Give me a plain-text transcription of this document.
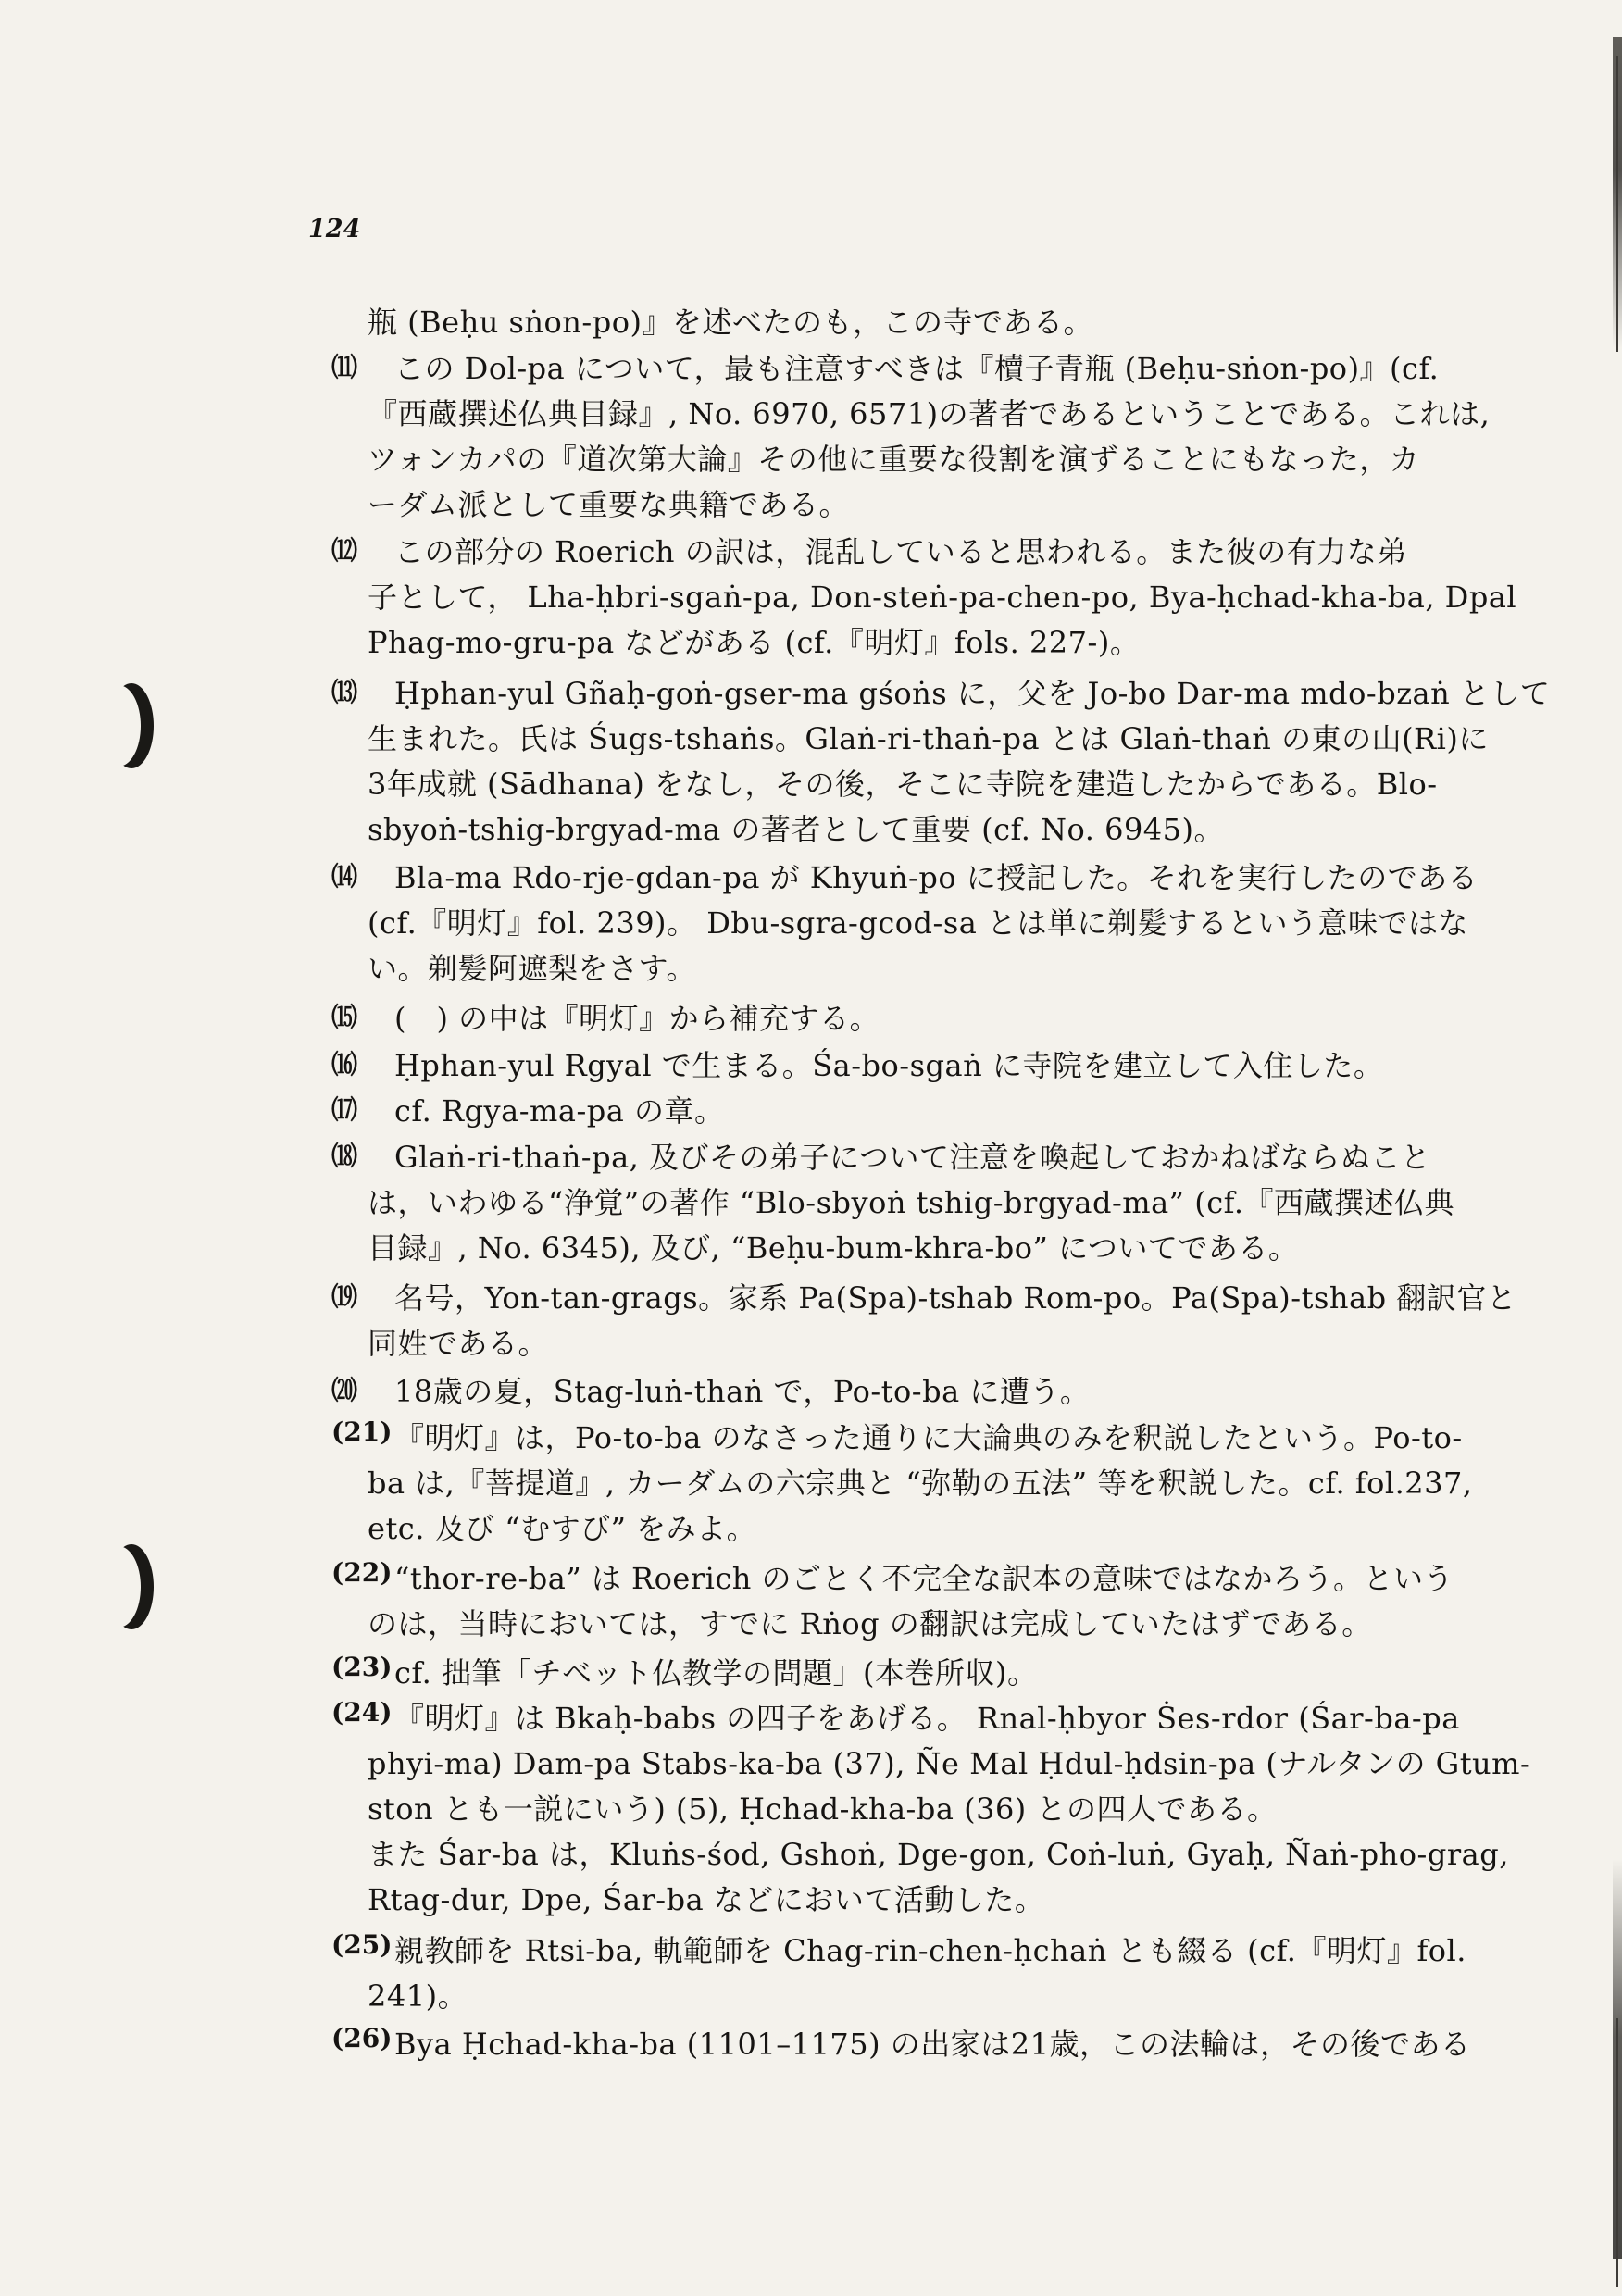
124
瓶 (Beḥu sṅon-po)』を述べたのも，この寺である。
⑾ この Dol-pa について，最も注意すべきは『櫝子青瓶 (Beḥu-sṅon-po)』(cf.
『西蔵撰述仏典目録』, No. 6970, 6571)の著者であるということである。これは,
ツォンカパの『道次第大論』その他に重要な役割を演ずることにもなった，カ
ーダム派として重要な典籍である。
⑿ この部分の Roerich の訳は，混乱していると思われる。また彼の有力な弟
子として， Lha-ḥbri-sgaṅ-pa, Don-steṅ-pa-chen-po, Bya-ḥchad-kha-ba, Dpal
Phag-mo-gru-pa などがある (cf.『明灯』fols. 227-)。
⒀ Ḥphan-yul Gñaḥ-goṅ-gser-ma gśoṅs に，父を Jo-bo Dar-ma mdo-bzaṅ として
生まれた。氏は Śugs-tshaṅs。Glaṅ-ri-thaṅ-pa とは Glaṅ-thaṅ の東の山(Ri)に
3年成就 (Sādhana) をなし，その後，そこに寺院を建造したからである。Blo-
sbyoṅ-tshig-brgyad-ma の著者として重要 (cf. No. 6945)。
⒁ Bla-ma Rdo-rje-gdan-pa が Khyuṅ-po に授記した。それを実行したのである
(cf.『明灯』fol. 239)。 Dbu-sgra-gcod-sa とは単に剃髪するという意味ではな
い。剃髪阿遮梨をさす。
⒂ (　) の中は『明灯』から補充する。
⒃ Ḥphan-yul Rgyal で生まる。Śa-bo-sgaṅ に寺院を建立して入住した。
⒄ cf. Rgya-ma-pa の章。
⒅ Glaṅ-ri-thaṅ-pa, 及びその弟子について注意を喚起しておかねばならぬこと
は，いわゆる“浄覚”の著作 “Blo-sbyoṅ tshig-brgyad-ma” (cf.『西蔵撰述仏典
目録』, No. 6345), 及び, “Beḥu-bum-khra-bo” についてである。
⒆ 名号，Yon-tan-grags。家系 Pa(Spa)-tshab Rom-po。Pa(Spa)-tshab 翻訳官と
同姓である。
⒇ 18歳の夏，Stag-luṅ-thaṅ で，Po-to-ba に遭う。
(21) 『明灯』は，Po-to-ba のなさった通りに大論典のみを釈説したという。Po-to-
ba は,『菩提道』, カーダムの六宗典と “弥勒の五法” 等を釈説した。cf. fol.237,
etc. 及び “むすび” をみよ。
(22) “thor-re-ba” は Roerich のごとく不完全な訳本の意味ではなかろう。という
のは，当時においては，すでに Rṅog の翻訳は完成していたはずである。
(23) cf. 拙筆「チベット仏教学の問題」(本巻所収)。
(24) 『明灯』は Bkaḥ-babs の四子をあげる。 Rnal-ḥbyor Ṡes-rdor (Śar-ba-pa
phyi-ma) Dam-pa Stabs-ka-ba (37), Ñe Mal Ḥdul-ḥdsin-pa (ナルタンの Gtum-
ston とも一説にいう) (5), Ḥchad-kha-ba (36) との四人である。
また Śar-ba は，Kluṅs-śod, Gshoṅ, Dge-gon, Coṅ-luṅ, Gyaḥ, Ñaṅ-pho-grag,
Rtag-dur, Dpe, Śar-ba などにおいて活動した。
(25) 親教師を Rtsi-ba, 軌範師を Chag-rin-chen-ḥchaṅ とも綴る (cf.『明灯』fol.
241)。
(26) Bya Ḥchad-kha-ba (1101–1175) の出家は21歳，この法輪は，その後である
